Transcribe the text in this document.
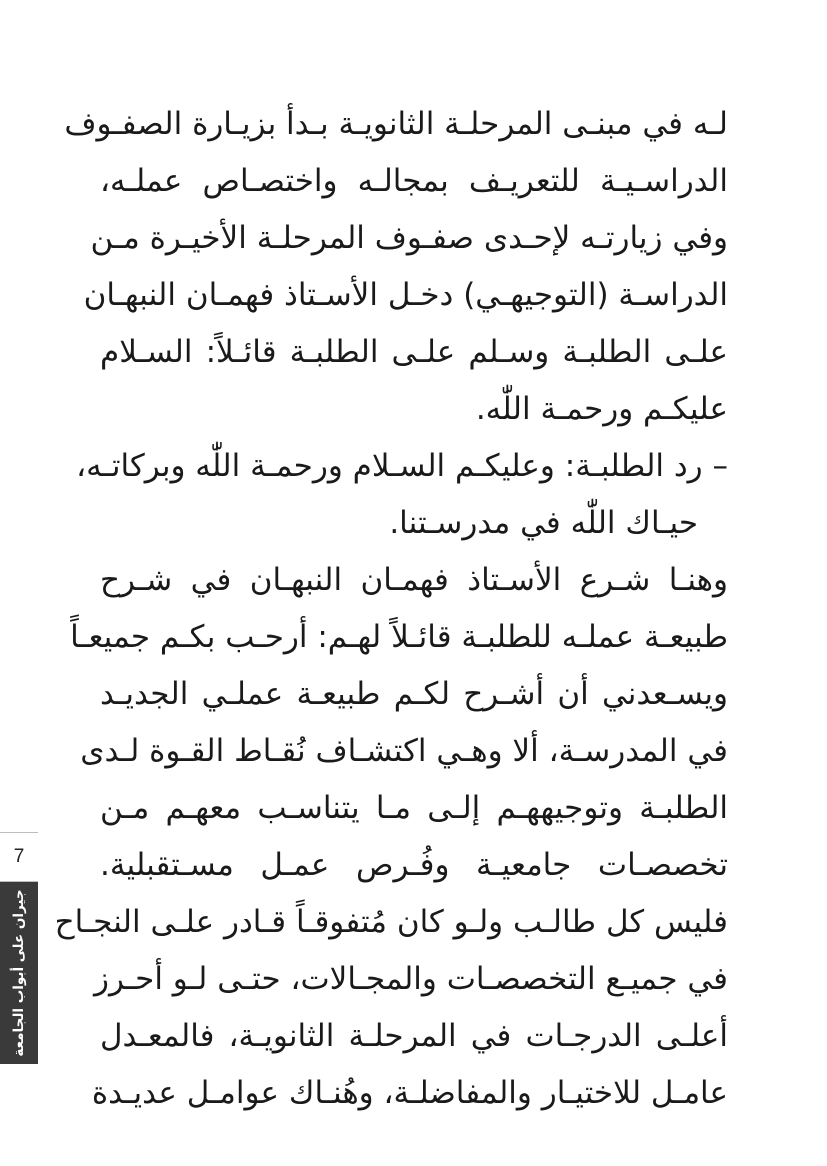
لـه في مبنـى المرحلـة الثانويـة بـدأ بزيـارة الصفـوف
الدراسـيـة للتعريـف بمجالـه واختصـاص عملـه،
وفي زيارتـه لإحـدى صفـوف المرحلـة الأخيـرة مـن
الدراسـة (التوجيهـي) دخـل الأسـتاذ فهمـان النبهـان
علـى الطلبـة وسـلم علـى الطلبـة قائـلاً: السـلام
عليكـم ورحمـة اللّٰه.
– رد الطلبـة: وعليكـم السـلام ورحمـة اللّٰه وبركاتـه،
حيـاك اللّٰه في مدرسـتنا.
وهنـا شـرع الأسـتاذ فهمـان النبهـان في شـرح
طبيعـة عملـه للطلبـة قائـلاً لهـم: أرحـب بكـم جميعـاً
ويسـعدني أن أشـرح لكـم طبيعـة عملـي الجديـد
في المدرسـة، ألا وهـي اكتشـاف نُقـاط القـوة لـدى
الطلبـة وتوجيههـم إلـى مـا يتناسـب معهـم مـن
تخصصـات جامعيـة وفُـرص عمـل مسـتقبلية.
فليس كل طالـب ولـو كان مُتفوقـاً قـادر علـى النجـاح
في جميـع التخصصـات والمجـالات، حتـى لـو أحـرز
أعلـى الدرجـات في المرحلـة الثانويـة، فالمعـدل
عامـل للاختيـار والمفاضلـة، وهُنـاك عوامـل عديـدة
7
جيران على أبواب الجامعة
